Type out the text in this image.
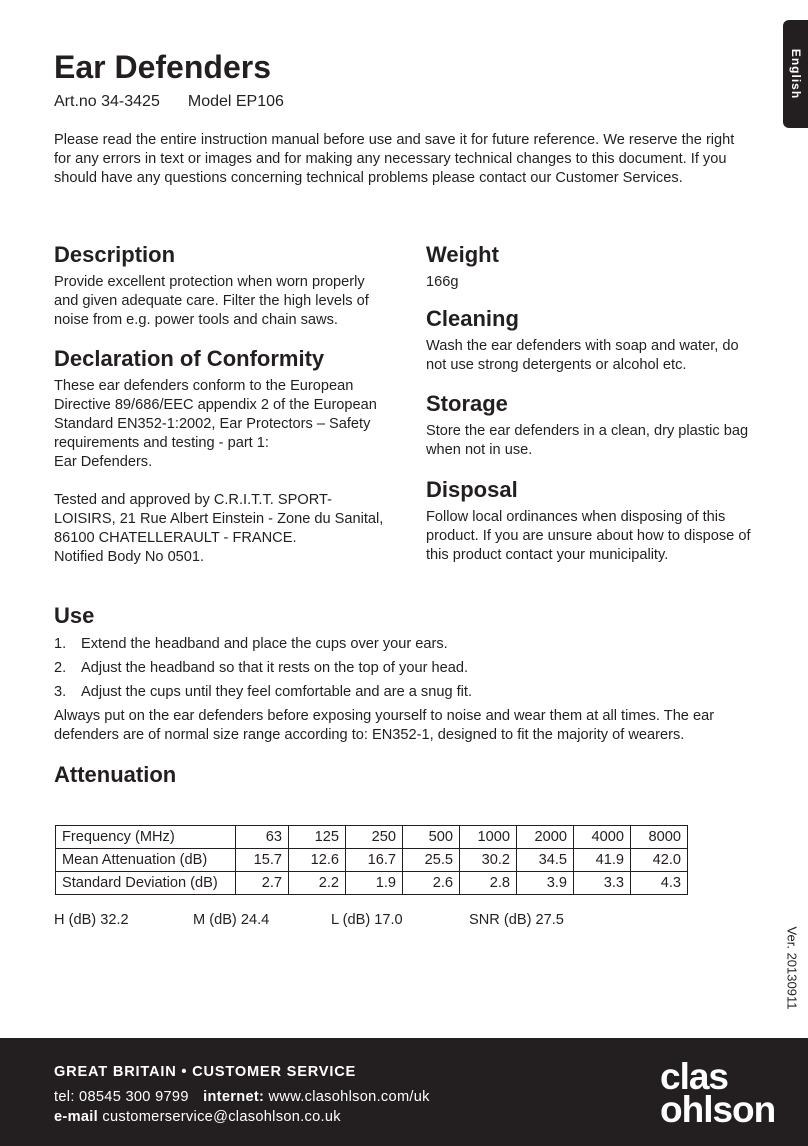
English
Ear Defenders
Art.no 34-3425 Model EP106

Please read the entire instruction manual before use and save it for future reference. We reserve the right for any errors in text or images and for making any necessary technical changes to this document. If you should have any questions concerning technical problems please contact our Customer Services.

Description

Provide excellent protection when worn properly and given adequate care. Filter the high levels of noise from e.g. power tools and chain saws.

Declaration of Conformity

These ear defenders conform to the European Directive 89/686/EEC appendix 2 of the European Standard EN352-1:2002, Ear Protectors – Safety requirements and testing - part 1:

Ear Defenders.

Tested and approved by C.R.I.T.T. SPORT-LOISIRS, 21 Rue Albert Einstein - Zone du Sanital, 86100 CHATELLERAULT - FRANCE.

Notified Body No 0501.

Weight

166g

Cleaning

Wash the ear defenders with soap and water, do not use strong detergents or alcohol etc.

Storage

Store the ear defenders in a clean, dry plastic bag when not in use.

Disposal

Follow local ordinances when disposing of this product. If you are unsure about how to dispose of this product contact your municipality.

Use
1. Extend the headband and place the cups over your ears.
2. Adjust the headband so that it rests on the top of your head.
3. Adjust the cups until they feel comfortable and are a snug fit.

Always put on the ear defenders before exposing yourself to noise and wear them at all times. The ear defenders are of normal size range according to: EN352-1, designed to fit the majority of wearers.

Attenuation
Frequency (MHz)	63	125	250	500	1000	2000	4000	8000
Mean Attenuation (dB)	15.7	12.6	16.7	25.5	30.2	34.5	41.9	42.0
Standard Deviation (dB)	2.7	2.2	1.9	2.6	2.8	3.9	3.3	4.3
H (dB) 32.2	M (dB) 24.4	L (dB) 17.0	SNR (dB) 27.5
Ver. 20130911
GREAT BRITAIN • CUSTOMER SERVICE
tel: 08545 300 9799 internet: www.clasohlson.com/uk
e-mail customerservice@clasohlson.co.uk
clas
ohlson
